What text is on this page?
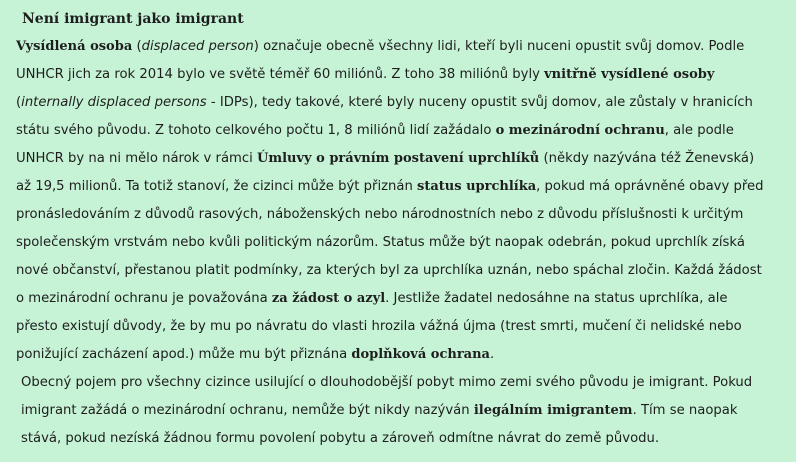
Není imigrant jako imigrant
Vysídlená osoba (displaced person) označuje obecně všechny lidi, kteří byli nuceni opustit svůj domov. Podle
UNHCR jich za rok 2014 bylo ve světě téměř 60 miliónů. Z toho 38 miliónů byly vnitřně vysídlené osoby
(internally displaced persons - IDPs), tedy takové, které byly nuceny opustit svůj domov, ale zůstaly v hranicích
státu svého původu. Z tohoto celkového počtu 1, 8 miliónů lidí zažádalo o mezinárodní ochranu, ale podle
UNHCR by na ni mělo nárok v rámci Úmluvy o právním postavení uprchlíků (někdy nazývána též Ženevská)
až 19,5 milionů. Ta totiž stanoví, že cizinci může být přiznán status uprchlíka, pokud má oprávněné obavy před
pronásledováním z důvodů rasových, náboženských nebo národnostních nebo z důvodu příslušnosti k určitým
společenským vrstvám nebo kvůli politickým názorům. Status může být naopak odebrán, pokud uprchlík získá
nové občanství, přestanou platit podmínky, za kterých byl za uprchlíka uznán, nebo spáchal zločin. Každá žádost
o mezinárodní ochranu je považována za žádost o azyl. Jestliže žadatel nedosáhne na status uprchlíka, ale
přesto existují důvody, že by mu po návratu do vlasti hrozila vážná újma (trest smrti, mučení či nelidské nebo
ponižující zacházení apod.) může mu být přiznána doplňková ochrana.
Obecný pojem pro všechny cizince usilující o dlouhodobější pobyt mimo zemi svého původu je imigrant. Pokud
imigrant zažádá o mezinárodní ochranu, nemůže být nikdy nazýván ilegálním imigrantem. Tím se naopak
stává, pokud nezíská žádnou formu povolení pobytu a zároveň odmítne návrat do země původu.
